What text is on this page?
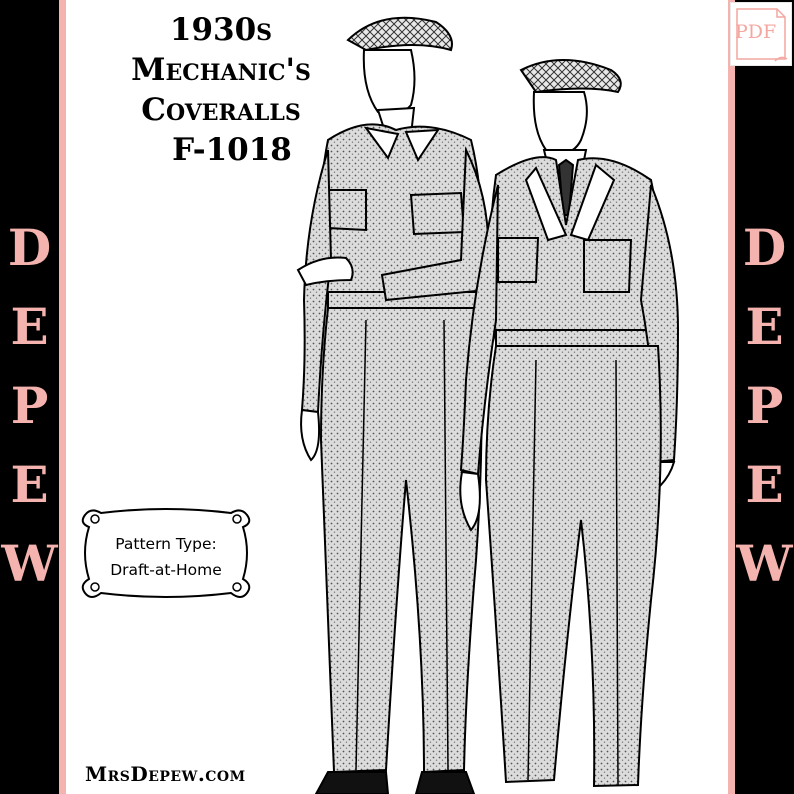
D
E
P
E
W
D
E
P
E
W
1930s
Mechanic's
Coveralls
F-1018
Pattern Type:
Draft-at-Home
MrsDepew.com
PDF
